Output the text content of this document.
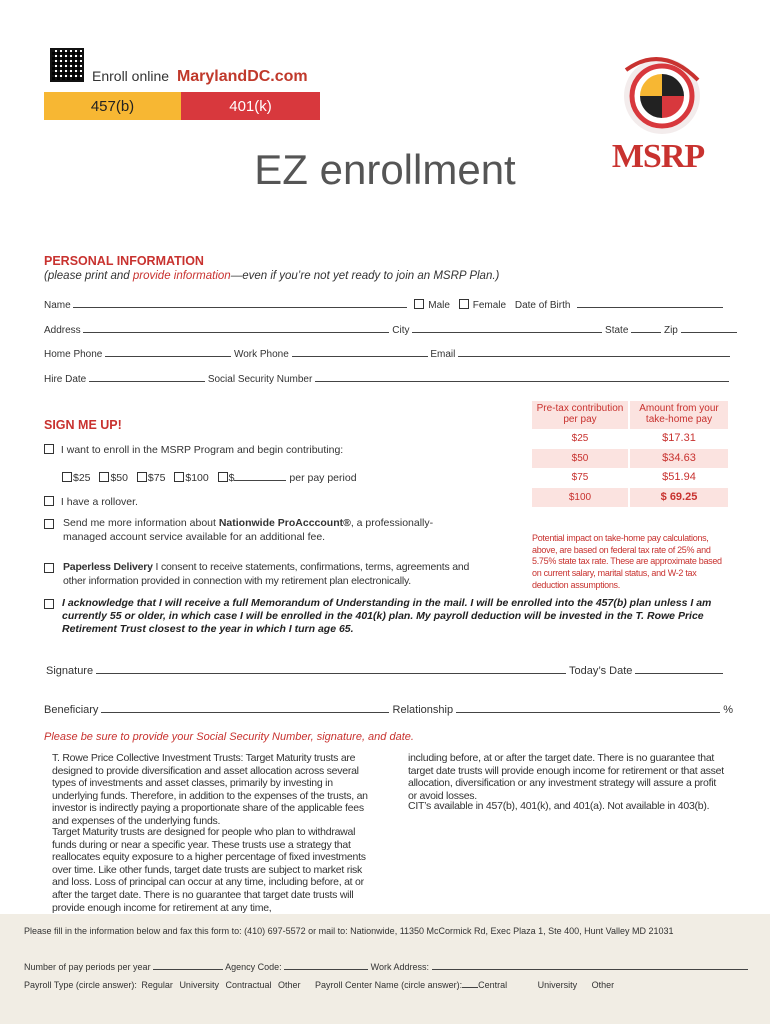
Enroll online MarylandDC.com
457(b)	401(k)
EZ enrollment	MSRP
PERSONAL INFORMATION
(please print and provide information—even if you’re not yet ready to join an MSRP Plan.)
Name	Male Female Date of Birth
Address	City	State	Zip
Home Phone	Work Phone	Email
Hire Date	Social Security Number
SIGN ME UP!
I want to enroll in the MSRP Program and begin contributing:
$25 $50 $75 $100 $	per pay period
I have a rollover.
Send me more information about Nationwide ProAcccount®, a professionally-managed account service available for an additional fee.
Paperless Delivery I consent to receive statements, confirmations, terms, agreements and other information provided in connection with my retirement plan electronically.
Pre-tax contribution per pay
Amount from your take-home pay
$25	$17.31
$50	$34.63
$75	$51.94
$100	$ 69.25
Potential impact on take-home pay calculations, above, are based on federal tax rate of 25% and 5.75% state tax rate. These are approximate based on current salary, marital status, and W-2 tax deduction assumptions.
I acknowledge that I will receive a full Memorandum of Understanding in the mail. I will be enrolled into the 457(b) plan unless I am currently 55 or older, in which case I will be enrolled in the 401(k) plan. My payroll deduction will be invested in the T. Rowe Price Retirement Trust closest to the year in which I turn age 65.
Signature	Today’s Date
Beneficiary	Relationship	%
Please be sure to provide your Social Security Number, signature, and date.
T. Rowe Price Collective Investment Trusts: Target Maturity trusts are designed to provide diversification and asset allocation across several types of investments and asset classes, primarily by investing in underlying funds. Therefore, in addition to the expenses of the trusts, an investor is indirectly paying a proportionate share of the applicable fees and expenses of the underlying funds.
Target Maturity trusts are designed for people who plan to withdrawal funds during or near a specific year. These trusts use a strategy that reallocates equity exposure to a higher percentage of fixed investments over time. Like other funds, target date trusts are subject to market risk and loss. Loss of principal can occur at any time, including before, at or after the target date. There is no guarantee that target date trusts will provide enough income for retirement at any time,
including before, at or after the target date. There is no guarantee that target date trusts will provide enough income for retirement or that asset allocation, diversification or any investment strategy will assure a profit or avoid losses.
CIT’s available in 457(b), 401(k), and 401(a). Not available in 403(b).
Please fill in the information below and fax this form to: (410) 697-5572 or mail to: Nationwide, 11350 McCormick Rd, Exec Plaza 1, Ste 400, Hunt Valley MD 21031
Number of pay periods per year	Agency Code:	Work Address:
Payroll Type (circle answer): Regular University Contractual Other Payroll Center Name (circle answer): Central	University Other
